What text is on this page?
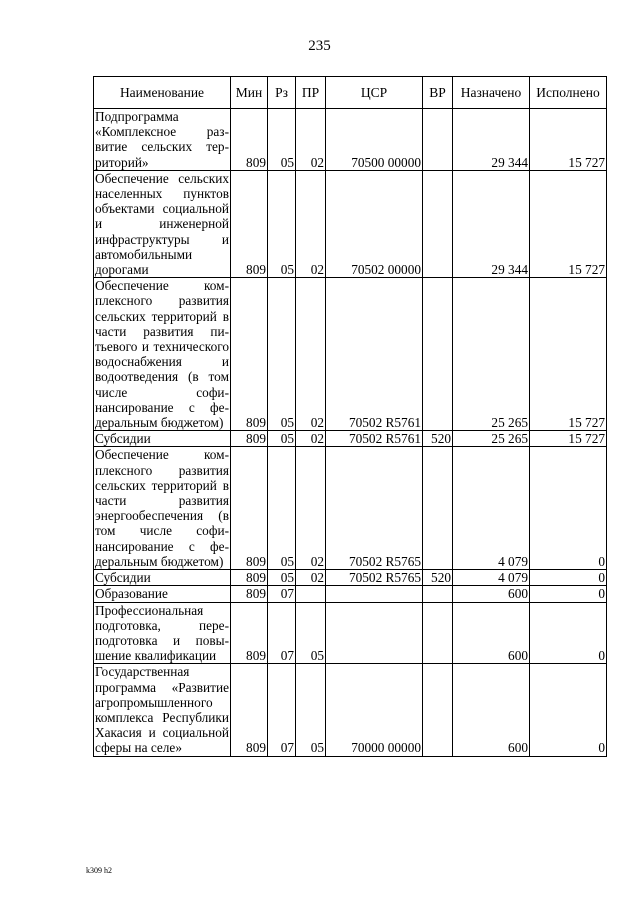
235
Наименование	Мин	Рз	ПР	ЦСР	ВР	Назначено	Исполнено
Подпрограмма «Комплексное развитие сельских территорий»	809	05	02	70500 00000		29 344	15 727
Обеспечение сельских населенных пунктов объектами социальной и инженерной инфраструктуры и автомобильными дорогами	809	05	02	70502 00000		29 344	15 727
Обеспечение комплексного развития сельских территорий в части развития питьевого и технического водоснабжения и водоотведения (в том числе софинансирование с федеральным бюджетом)	809	05	02	70502 R5761		25 265	15 727
Субсидии	809	05	02	70502 R5761	520	25 265	15 727
Обеспечение комплексного развития сельских территорий в части развития энергообеспечения (в том числе софинансирование с федеральным бюджетом)	809	05	02	70502 R5765		4 079	0
Субсидии	809	05	02	70502 R5765	520	4 079	0
Образование	809	07				600	0
Профессиональная подготовка, переподготовка и повышение квалификации	809	07	05			600	0
Государственная программа «Развитие агропромышленного комплекса Республики Хакасия и социальной сферы на селе»	809	07	05	70000 00000		600	0
k309 h2
